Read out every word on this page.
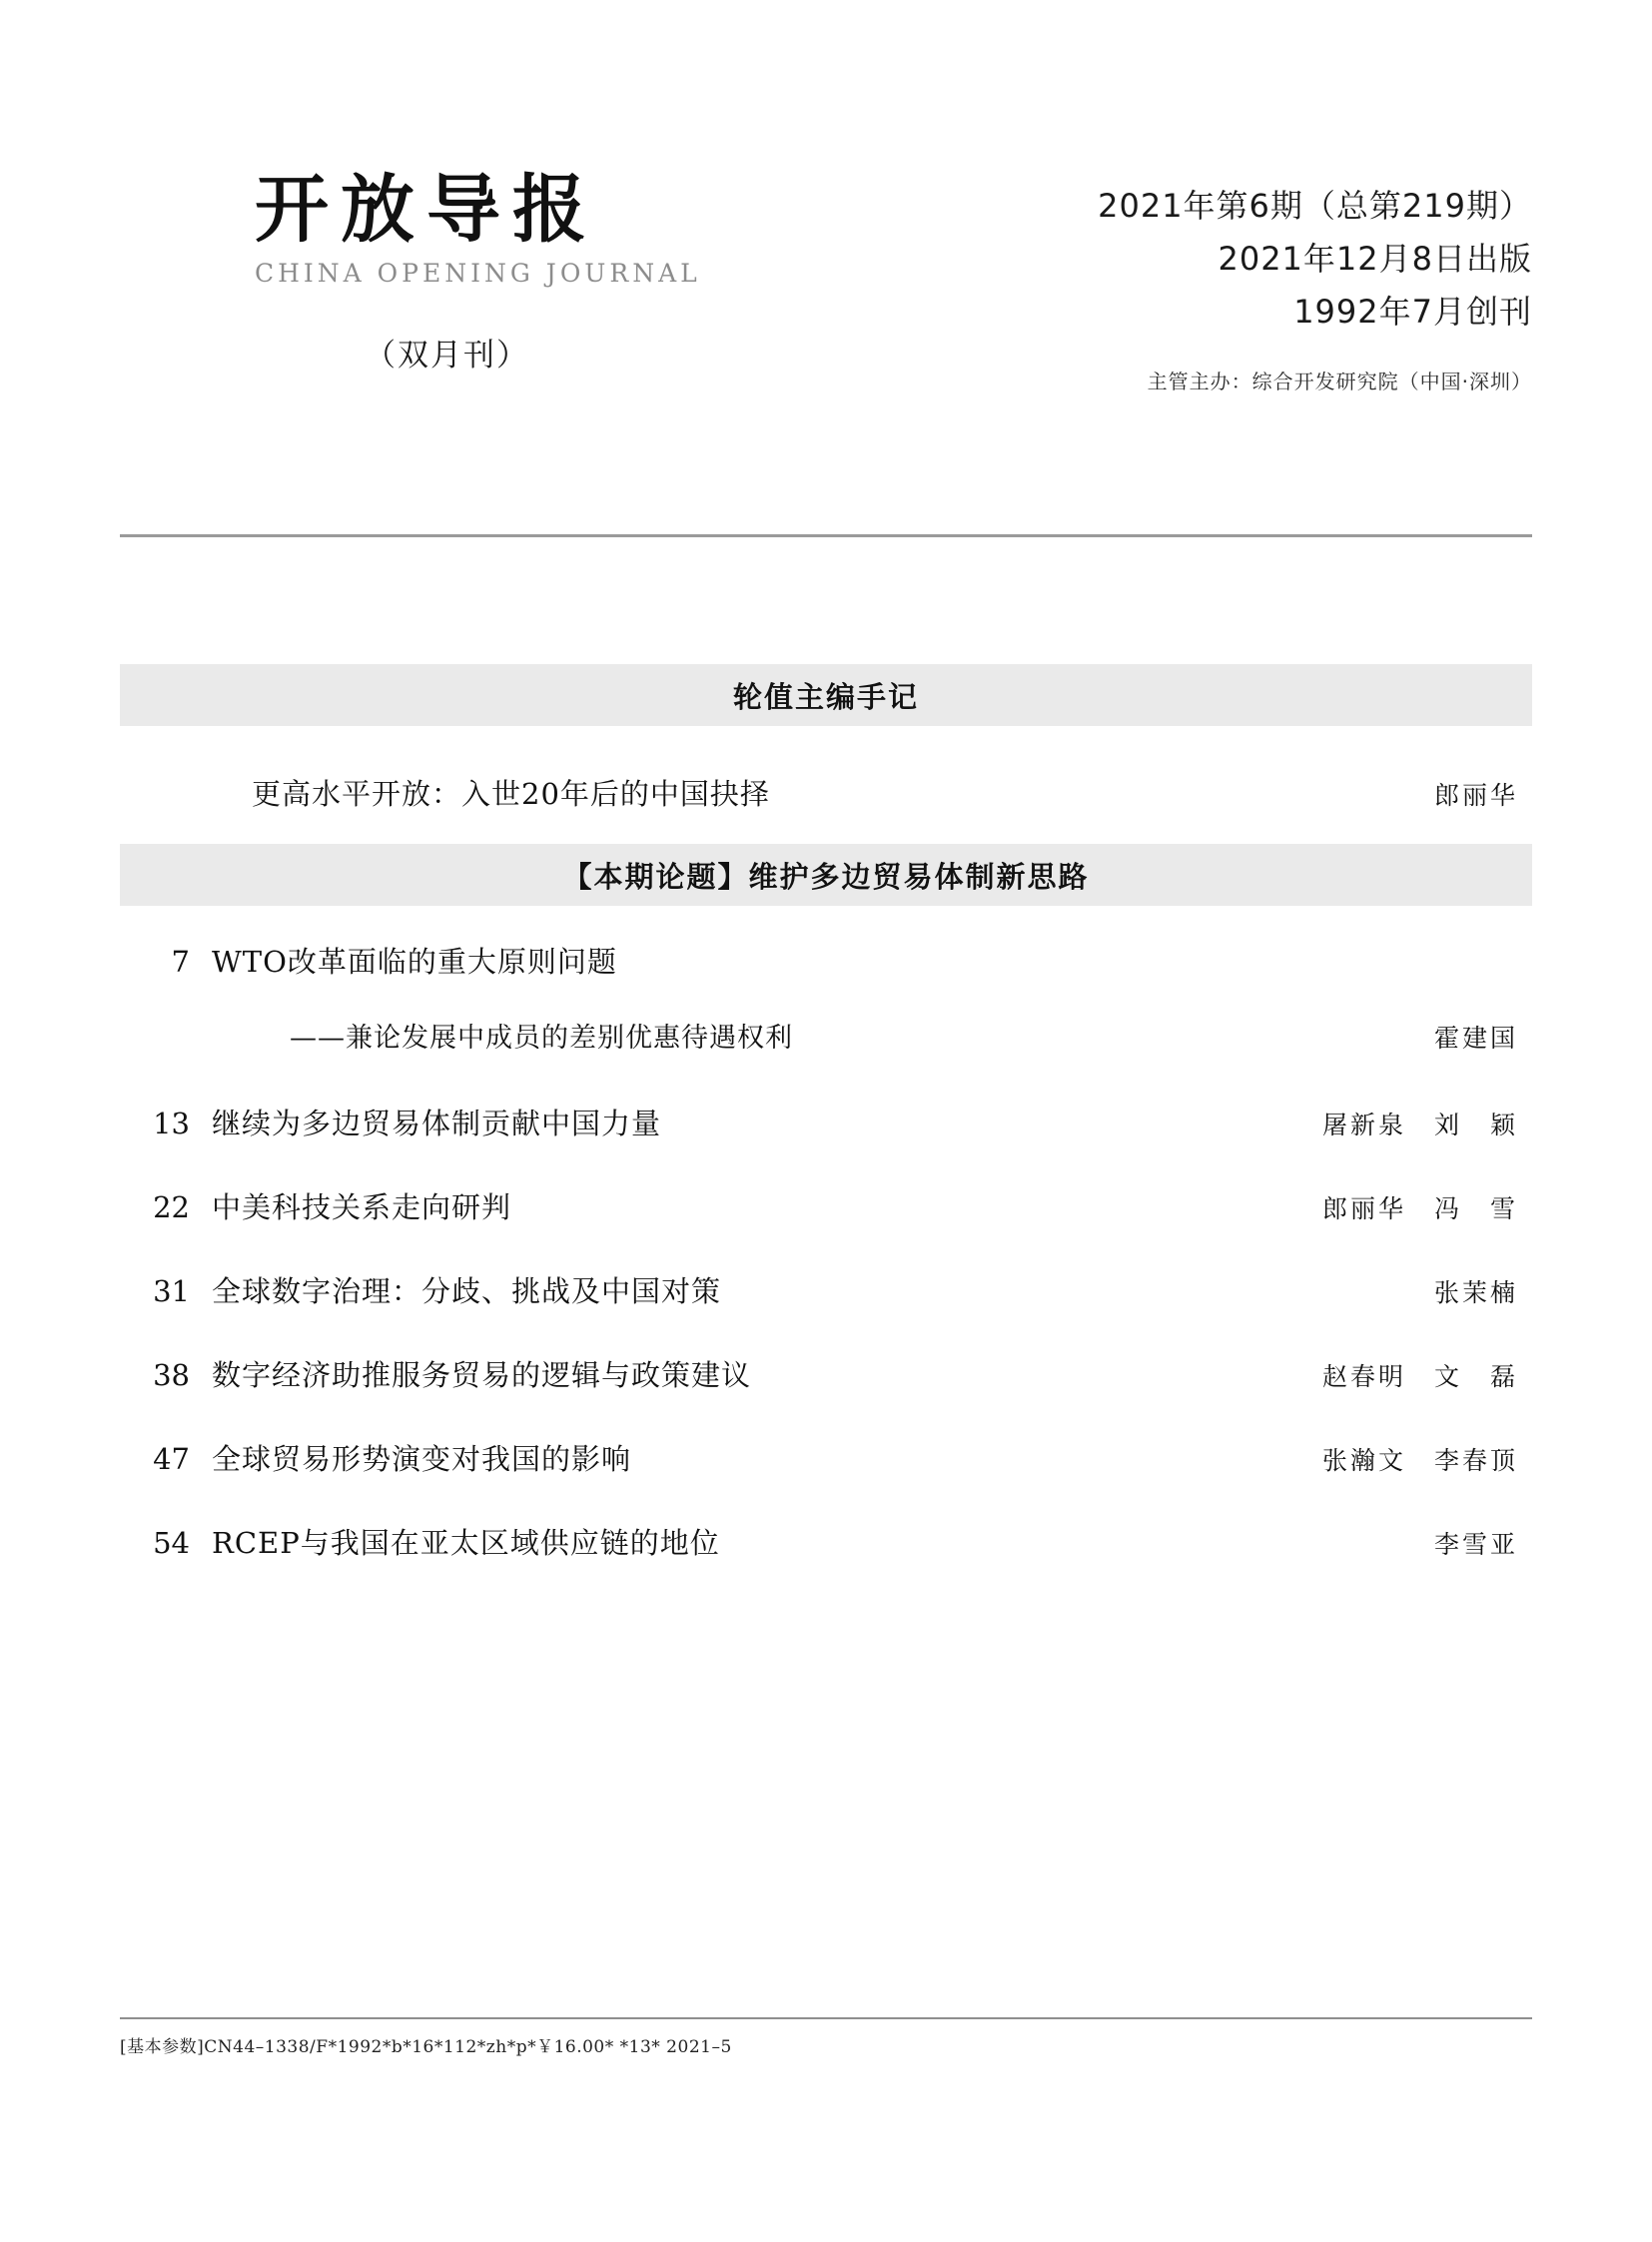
开放导报
CHINA OPENING JOURNAL
（双月刊）
2021年第6期（总第219期）
2021年12月8日出版
1992年7月创刊
主管主办：综合开发研究院（中国·深圳）
轮值主编手记
更高水平开放：入世20年后的中国抉择	郎丽华
【本期论题】维护多边贸易体制新思路
7 WTO改革面临的重大原则问题
——兼论发展中成员的差别优惠待遇权利	霍建国
13 继续为多边贸易体制贡献中国力量	屠新泉　刘　颖
22 中美科技关系走向研判	郎丽华　冯　雪
31 全球数字治理：分歧、挑战及中国对策	张茉楠
38 数字经济助推服务贸易的逻辑与政策建议	赵春明　文　磊
47 全球贸易形势演变对我国的影响	张瀚文　李春顶
54 RCEP与我国在亚太区域供应链的地位	李雪亚
[基本参数]CN44–1338/F*1992*b*16*112*zh*p*￥16.00* *13* 2021–5
